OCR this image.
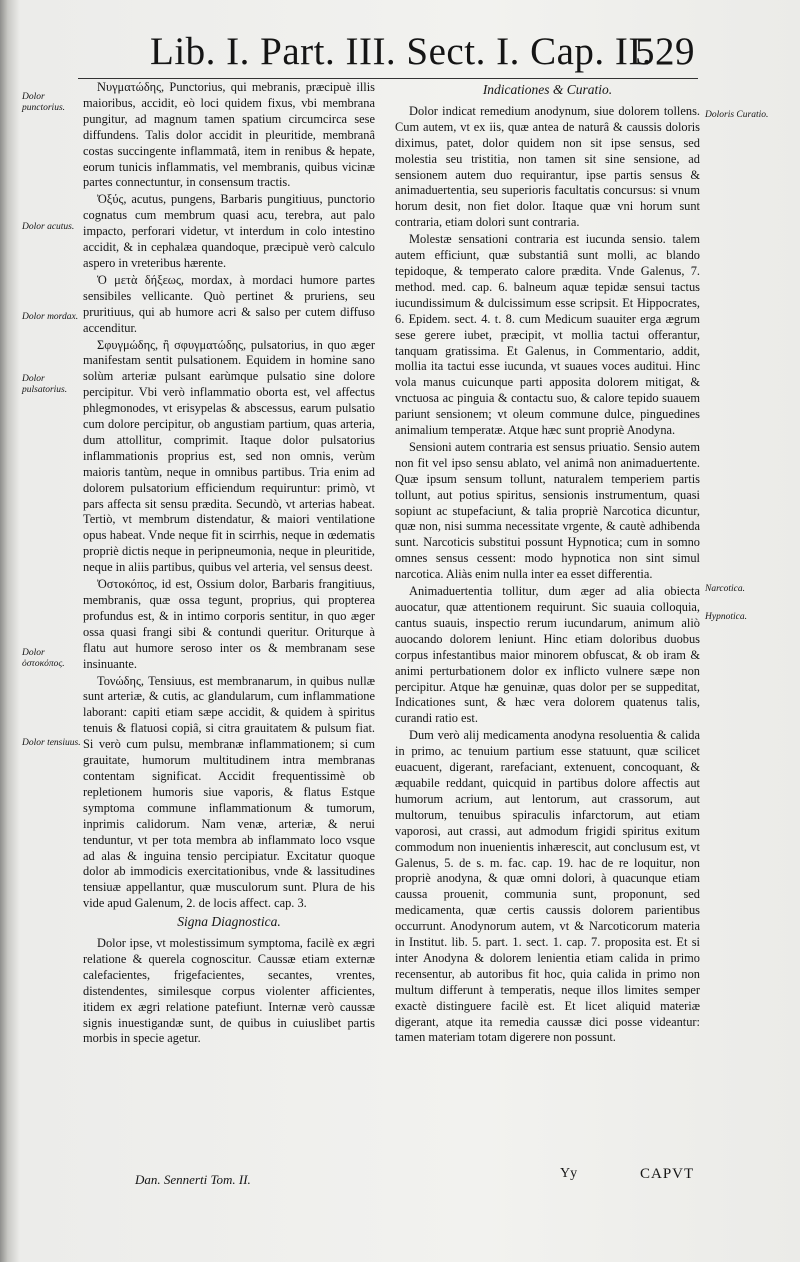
Lib. I. Part. III. Sect. I. Cap. II.
529
Dolor punctorius.
Dolor acutus.
Dolor mordax.
Dolor pulsatorius.
Dolor ὀστοκόπος.
Dolor tensiuus.
Doloris Curatio.
Narcotica.
Hypnotica.

Νυγματώδης, Punctorius, qui mebranis, præcipuè illis maioribus, accidit, eò loci quidem fixus, vbi membrana pungitur, ad magnum tamen spatium circumcirca sese diffundens. Talis dolor accidit in pleuritide, membranâ costas succingente inflammatâ, item in renibus & hepate, eorum tunicis inflammatis, vel membranis, quibus vicinæ partes connectuntur, in consensum tractis.

Ὀξύς, acutus, pungens, Barbaris pungitiuus, punctorio cognatus cum membrum quasi acu, terebra, aut palo impacto, perforari videtur, vt interdum in colo intestino accidit, & in cephalæa quandoque, præcipuè verò calculo aspero in vreteribus hærente.

Ὁ μετὰ δήξεως, mordax, à mordaci humore partes sensibiles vellicante. Quò pertinet & pruriens, seu pruritiuus, qui ab humore acri & salso per cutem diffuso accenditur.

Σφυγμώδης, ἢ σφυγματώδης, pulsatorius, in quo æger manifestam sentit pulsationem. Equidem in homine sano solùm arteriæ pulsant earùmque pulsatio sine dolore percipitur. Vbi verò inflammatio oborta est, vel affectus phlegmonodes, vt erisypelas & abscessus, earum pulsatio cum dolore percipitur, ob angustiam partium, quas arteria, dum attollitur, comprimit. Itaque dolor pulsatorius inflammationis proprius est, sed non omnis, verùm maioris tantùm, neque in omnibus partibus. Tria enim ad dolorem pulsatorium efficiendum requiruntur: primò, vt pars affecta sit sensu prædita. Secundò, vt arterias habeat. Tertiò, vt membrum distendatur, & maiori ventilatione opus habeat. Vnde neque fit in scirrhis, neque in œdematis propriè dictis neque in peripneumonia, neque in pleuritide, neque in aliis partibus, quibus vel arteria, vel sensus deest.

Ὀστοκόπος, id est, Ossium dolor, Barbaris frangitiuus, membranis, quæ ossa tegunt, proprius, qui propterea profundus est, & in intimo corporis sentitur, in quo æger ossa quasi frangi sibi & contundi queritur. Oriturque à flatu aut humore seroso inter os & membranam sese insinuante.

Τονώδης, Tensiuus, est membranarum, in quibus nullæ sunt arteriæ, & cutis, ac glandularum, cum inflammatione laborant: capiti etiam sæpe accidit, & quidem à spiritus tenuis & flatuosi copiâ, si citra grauitatem & pulsum fiat. Si verò cum pulsu, membranæ inflammationem; si cum grauitate, humorum multitudinem intra membranas contentam significat. Accidit frequentissimè ob repletionem humoris siue vaporis, & flatus Estque symptoma commune inflammationum & tumorum, inprimis calidorum. Nam venæ, arteriæ, & nerui tenduntur, vt per tota membra ab inflammato loco vsque ad alas & inguina tensio percipiatur. Excitatur quoque dolor ab immodicis exercitationibus, vnde & lassitudines tensiuæ appellantur, quæ musculorum sunt. Plura de his vide apud Galenum, 2. de locis affect. cap. 3.

Signa Diagnostica.

Dolor ipse, vt molestissimum symptoma, facilè ex ægri relatione & querela cognoscitur. Caussæ etiam externæ calefacientes, frigefacientes, secantes, vrentes, distendentes, similesque corpus violenter afficientes, itidem ex ægri relatione patefiunt. Internæ verò caussæ signis inuestigandæ sunt, de quibus in cuiuslibet partis morbis in specie agetur.

Indicationes & Curatio.

Dolor indicat remedium anodynum, siue dolorem tollens. Cum autem, vt ex iis, quæ antea de naturâ & caussis doloris diximus, patet, dolor quidem non sit ipse sensus, sed molestia seu tristitia, non tamen sit sine sensione, ad sensionem autem duo requirantur, ipse partis sensus & animaduertentia, seu superioris facultatis concursus: si vnum horum desit, non fiet dolor. Itaque quæ vni horum sunt contraria, etiam dolori sunt contraria.

Molestæ sensationi contraria est iucunda sensio. talem autem efficiunt, quæ substantiâ sunt molli, ac blando tepidoque, & temperato calore prædita. Vnde Galenus, 7. method. med. cap. 6. balneum aquæ tepidæ sensui tactus iucundissimum & dulcissimum esse scripsit. Et Hippocrates, 6. Epidem. sect. 4. t. 8. cum Medicum suauiter erga ægrum sese gerere iubet, præcipit, vt mollia tactui offerantur, tanquam gratissima. Et Galenus, in Commentario, addit, mollia ita tactui esse iucunda, vt suaues voces auditui. Hinc vola manus cuicunque parti apposita dolorem mitigat, & vnctuosa ac pinguia & contactu suo, & calore tepido suauem pariunt sensionem; vt oleum commune dulce, pinguedines animalium temperatæ. Atque hæc sunt propriè Anodyna.

Sensioni autem contraria est sensus priuatio. Sensio autem non fit vel ipso sensu ablato, vel animâ non animaduertente. Quæ ipsum sensum tollunt, naturalem temperiem partis tollunt, aut potius spiritus, sensionis instrumentum, quasi sopiunt ac stupefaciunt, & talia propriè Narcotica dicuntur, quæ non, nisi summa necessitate vrgente, & cautè adhibenda sunt. Narcoticis substitui possunt Hypnotica; cum in somno omnes sensus cessent: modo hypnotica non sint simul narcotica. Aliàs enim nulla inter ea esset differentia.

Animaduertentia tollitur, dum æger ad alia obiecta auocatur, quæ attentionem requirunt. Sic suauia colloquia, cantus suauis, inspectio rerum iucundarum, animum aliò auocando dolorem leniunt. Hinc etiam doloribus duobus corpus infestantibus maior minorem obfuscat, & ob iram & animi perturbationem dolor ex inflicto vulnere sæpe non percipitur. Atque hæ genuinæ, quas dolor per se suppeditat, Indicationes sunt, & hæc vera dolorem quatenus talis, curandi ratio est.

Dum verò alij medicamenta anodyna resoluentia & calida in primo, ac tenuium partium esse statuunt, quæ scilicet euacuent, digerant, rarefaciant, extenuent, concoquant, & æquabile reddant, quicquid in partibus dolore affectis aut humorum acrium, aut lentorum, aut crassorum, aut multorum, tenuibus spiraculis infarctorum, aut etiam vaporosi, aut crassi, aut admodum frigidi spiritus exitum commodum non inuenientis inhærescit, aut conclusum est, vt Galenus, 5. de s. m. fac. cap. 19. hac de re loquitur, non propriè anodyna, & quæ omni dolori, à quacunque etiam caussa prouenit, communia sunt, proponunt, sed medicamenta, quæ certis caussis dolorem parientibus occurrunt. Anodynorum autem, vt & Narcoticorum materia in Institut. lib. 5. part. 1. sect. 1. cap. 7. proposita est. Et si inter Anodyna & dolorem lenientia etiam calida in primo recensentur, ab autoribus fit hoc, quia calida in primo non multum differunt à temperatis, neque illos limites semper exactè distinguere facilè est. Et licet aliquid materiæ digerant, atque ita remedia caussæ dici posse videantur: tamen materiam totam digerere non possunt.

Dan. Sennerti Tom. II.	Yy	CAPVT
